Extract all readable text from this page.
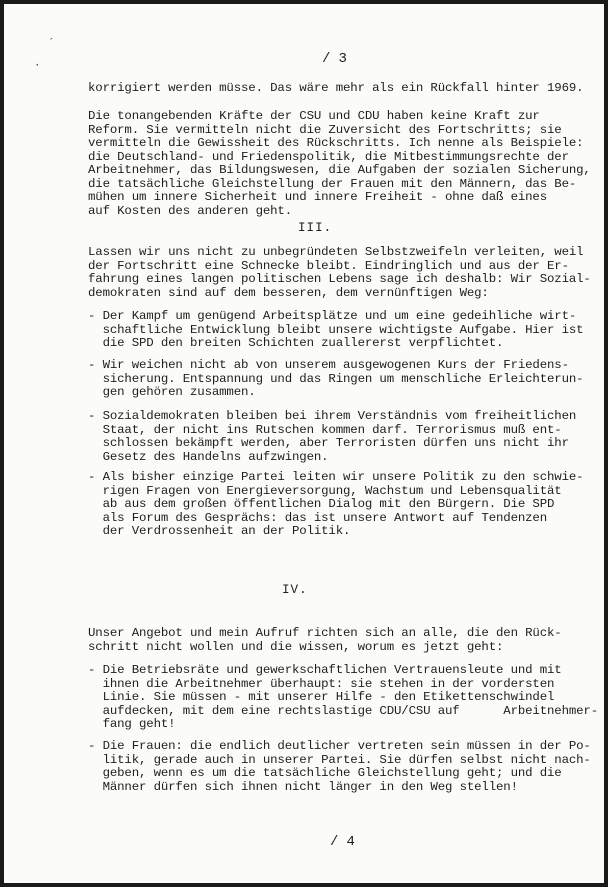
´
·	/ 3
korrigiert werden müsse. Das wäre mehr als ein Rückfall hinter 1969.
Die tonangebenden Kräfte der CSU und CDU haben keine Kraft zur
Reform. Sie vermitteln nicht die Zuversicht des Fortschritts; sie
vermitteln die Gewissheit des Rückschritts. Ich nenne als Beispiele:
die Deutschland- und Friedenspolitik, die Mitbestimmungsrechte der
Arbeitnehmer, das Bildungswesen, die Aufgaben der sozialen Sicherung,
die tatsächliche Gleichstellung der Frauen mit den Männern, das Be-
mühen um innere Sicherheit und innere Freiheit - ohne daß eines
auf Kosten des anderen geht.
III.
Lassen wir uns nicht zu unbegründeten Selbstzweifeln verleiten, weil
der Fortschritt eine Schnecke bleibt. Eindringlich und aus der Er-
fahrung eines langen politischen Lebens sage ich deshalb: Wir Sozial-
demokraten sind auf dem besseren, dem vernünftigen Weg:
- Der Kampf um genügend Arbeitsplätze und um eine gedeihliche wirt-
schaftliche Entwicklung bleibt unsere wichtigste Aufgabe. Hier ist
die SPD den breiten Schichten zuallererst verpflichtet.
- Wir weichen nicht ab von unserem ausgewogenen Kurs der Friedens-
sicherung. Entspannung und das Ringen um menschliche Erleichterun-
gen gehören zusammen.
- Sozialdemokraten bleiben bei ihrem Verständnis vom freiheitlichen
Staat, der nicht ins Rutschen kommen darf. Terrorismus muß ent-
schlossen bekämpft werden, aber Terroristen dürfen uns nicht ihr
Gesetz des Handelns aufzwingen.
- Als bisher einzige Partei leiten wir unsere Politik zu den schwie-
rigen Fragen von Energieversorgung, Wachstum und Lebensqualität
ab aus dem großen öffentlichen Dialog mit den Bürgern. Die SPD
als Forum des Gesprächs: das ist unsere Antwort auf Tendenzen
der Verdrossenheit an der Politik.
IV.
Unser Angebot und mein Aufruf richten sich an alle, die den Rück-
schritt nicht wollen und die wissen, worum es jetzt geht:
- Die Betriebsräte und gewerkschaftlichen Vertrauensleute und mit
ihnen die Arbeitnehmer überhaupt: sie stehen in der vordersten
Linie. Sie müssen - mit unserer Hilfe - den Etikettenschwindel
aufdecken, mit dem eine rechtslastige CDU/CSU auf      Arbeitnehmer-
fang geht!
- Die Frauen: die endlich deutlicher vertreten sein müssen in der Po-
litik, gerade auch in unserer Partei. Sie dürfen selbst nicht nach-
geben, wenn es um die tatsächliche Gleichstellung geht; und die
Männer dürfen sich ihnen nicht länger in den Weg stellen!
/ 4
